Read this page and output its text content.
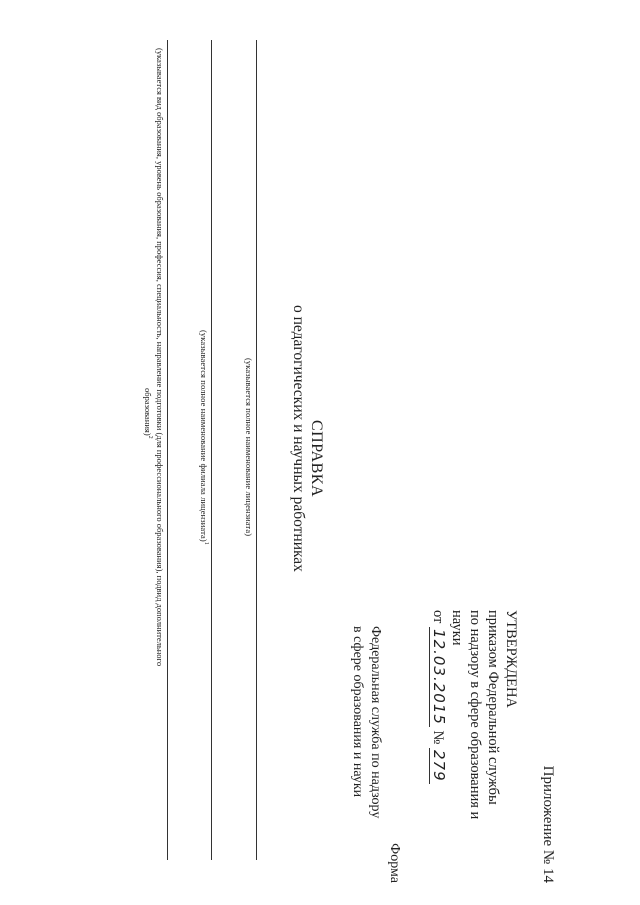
Приложение № 14
УТВЕРЖДЕНА
приказом Федеральной службы
по надзору в сфере образования и
науки
от 12.03.2015 № 279
Форма
Федеральная служба по надзору
в сфере образования и науки
СПРАВКА
о педагогических и научных работниках
(указывается полное наименование лицензиата)
(указывается полное наименование филиала лицензиата)$^1$
(указывается вид образования, уровень образования, профессия, специальность, направление подготовки (для профессионального образования), подвид дополнительного
образования)$^2$
